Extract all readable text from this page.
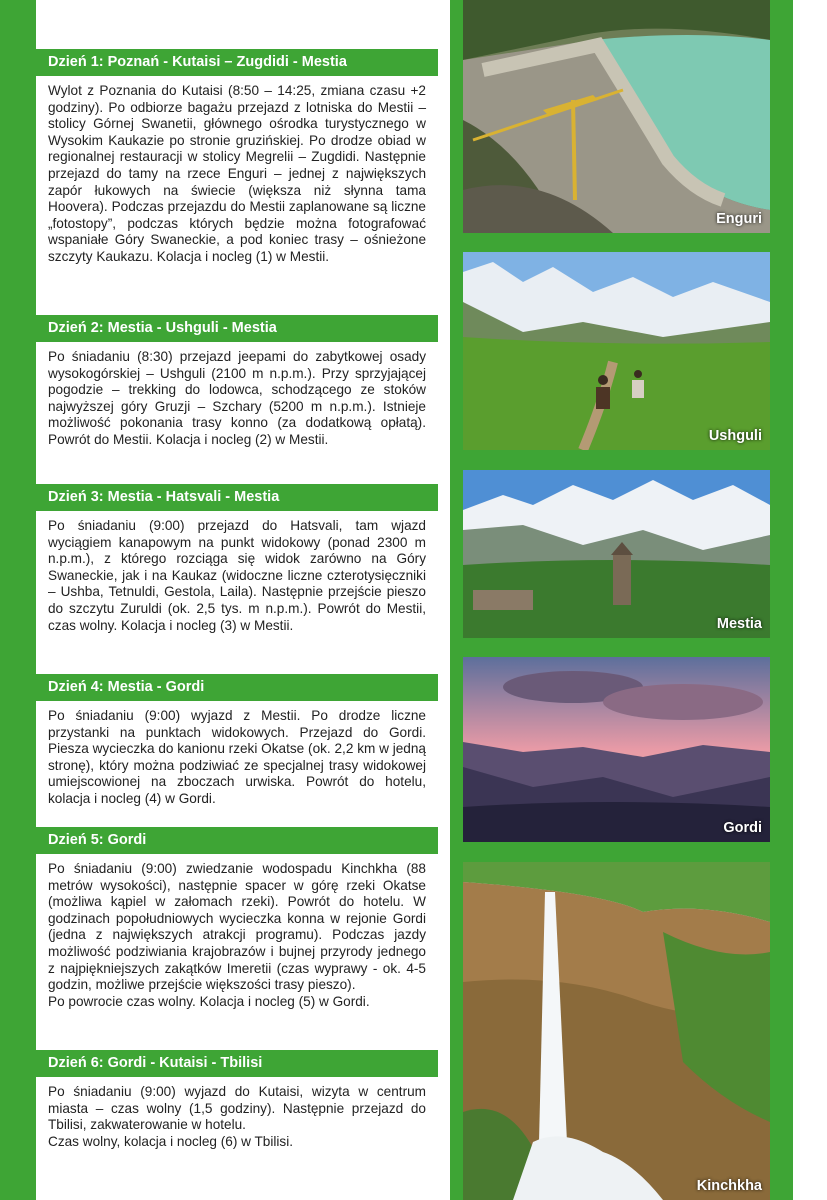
Dzień 1: Poznań - Kutaisi – Zugdidi - Mestia
Wylot z Poznania do Kutaisi (8:50 – 14:25, zmiana czasu +2 godziny). Po odbiorze bagażu przejazd z lotniska do Mestii – stolicy Górnej Swanetii, głównego ośrodka turystycznego w Wysokim Kaukazie po stronie gruzińskiej. Po drodze obiad w regionalnej restauracji w stolicy Megrelii – Zugdidi. Następnie przejazd do tamy na rzece Enguri – jednej z największych zapór łukowych na świecie (większa niż słynna tama Hoovera). Podczas przejazdu do Mestii zaplanowane są liczne „fotostopy”, podczas których będzie można fotografować wspaniałe Góry Swaneckie, a pod koniec trasy – ośnieżone szczyty Kaukazu. Kolacja i nocleg (1) w Mestii.
Dzień 2: Mestia - Ushguli - Mestia
Po śniadaniu (8:30) przejazd jeepami do zabytkowej osady wysokogórskiej – Ushguli (2100 m n.p.m.). Przy sprzyjającej pogodzie – trekking do lodowca, schodzącego ze stoków najwyższej góry Gruzji – Szchary (5200 m n.p.m.). Istnieje możliwość pokonania trasy konno (za dodatkową opłatą). Powrót do Mestii. Kolacja i nocleg (2) w Mestii.
Dzień 3: Mestia - Hatsvali - Mestia
Po śniadaniu (9:00) przejazd do Hatsvali, tam wjazd wyciągiem kanapowym na punkt widokowy (ponad 2300 m n.p.m.), z którego rozciąga się widok zarówno na Góry Swaneckie, jak i na Kaukaz (widoczne liczne czterotysięczniki – Ushba, Tetnuldi, Gestola, Laila). Następnie przejście pieszo do szczytu Zuruldi (ok. 2,5 tys. m n.p.m.). Powrót do Mestii, czas wolny. Kolacja i nocleg (3) w Mestii.
Dzień 4: Mestia - Gordi
Po śniadaniu (9:00) wyjazd z Mestii. Po drodze liczne przystanki na punktach widokowych. Przejazd do Gordi. Piesza wycieczka do kanionu rzeki Okatse (ok. 2,2 km w jedną stronę), który można podziwiać ze specjalnej trasy widokowej umiejscowionej na zboczach urwiska. Powrót do hotelu, kolacja i nocleg (4) w Gordi.
Dzień 5: Gordi
Po śniadaniu (9:00) zwiedzanie wodospadu Kinchkha (88 metrów wysokości), następnie spacer w górę rzeki Okatse (możliwa kąpiel w załomach rzeki). Powrót do hotelu. W godzinach popołudniowych wycieczka konna w rejonie Gordi (jedna z największych atrakcji programu). Podczas jazdy możliwość podziwiania krajobrazów i bujnej przyrody jednego z najpiękniejszych zakątków Imeretii (czas wyprawy - ok. 4-5 godzin, możliwe przejście większości trasy pieszo).
Po powrocie czas wolny. Kolacja i nocleg (5) w Gordi.
Dzień 6: Gordi - Kutaisi - Tbilisi
Po śniadaniu (9:00) wyjazd do Kutaisi, wizyta w centrum miasta – czas wolny (1,5 godziny). Następnie przejazd do Tbilisi, zakwaterowanie w hotelu.
Czas wolny, kolacja i nocleg (6) w Tbilisi.
Enguri
Ushguli
Mestia
Gordi
Kinchkha
